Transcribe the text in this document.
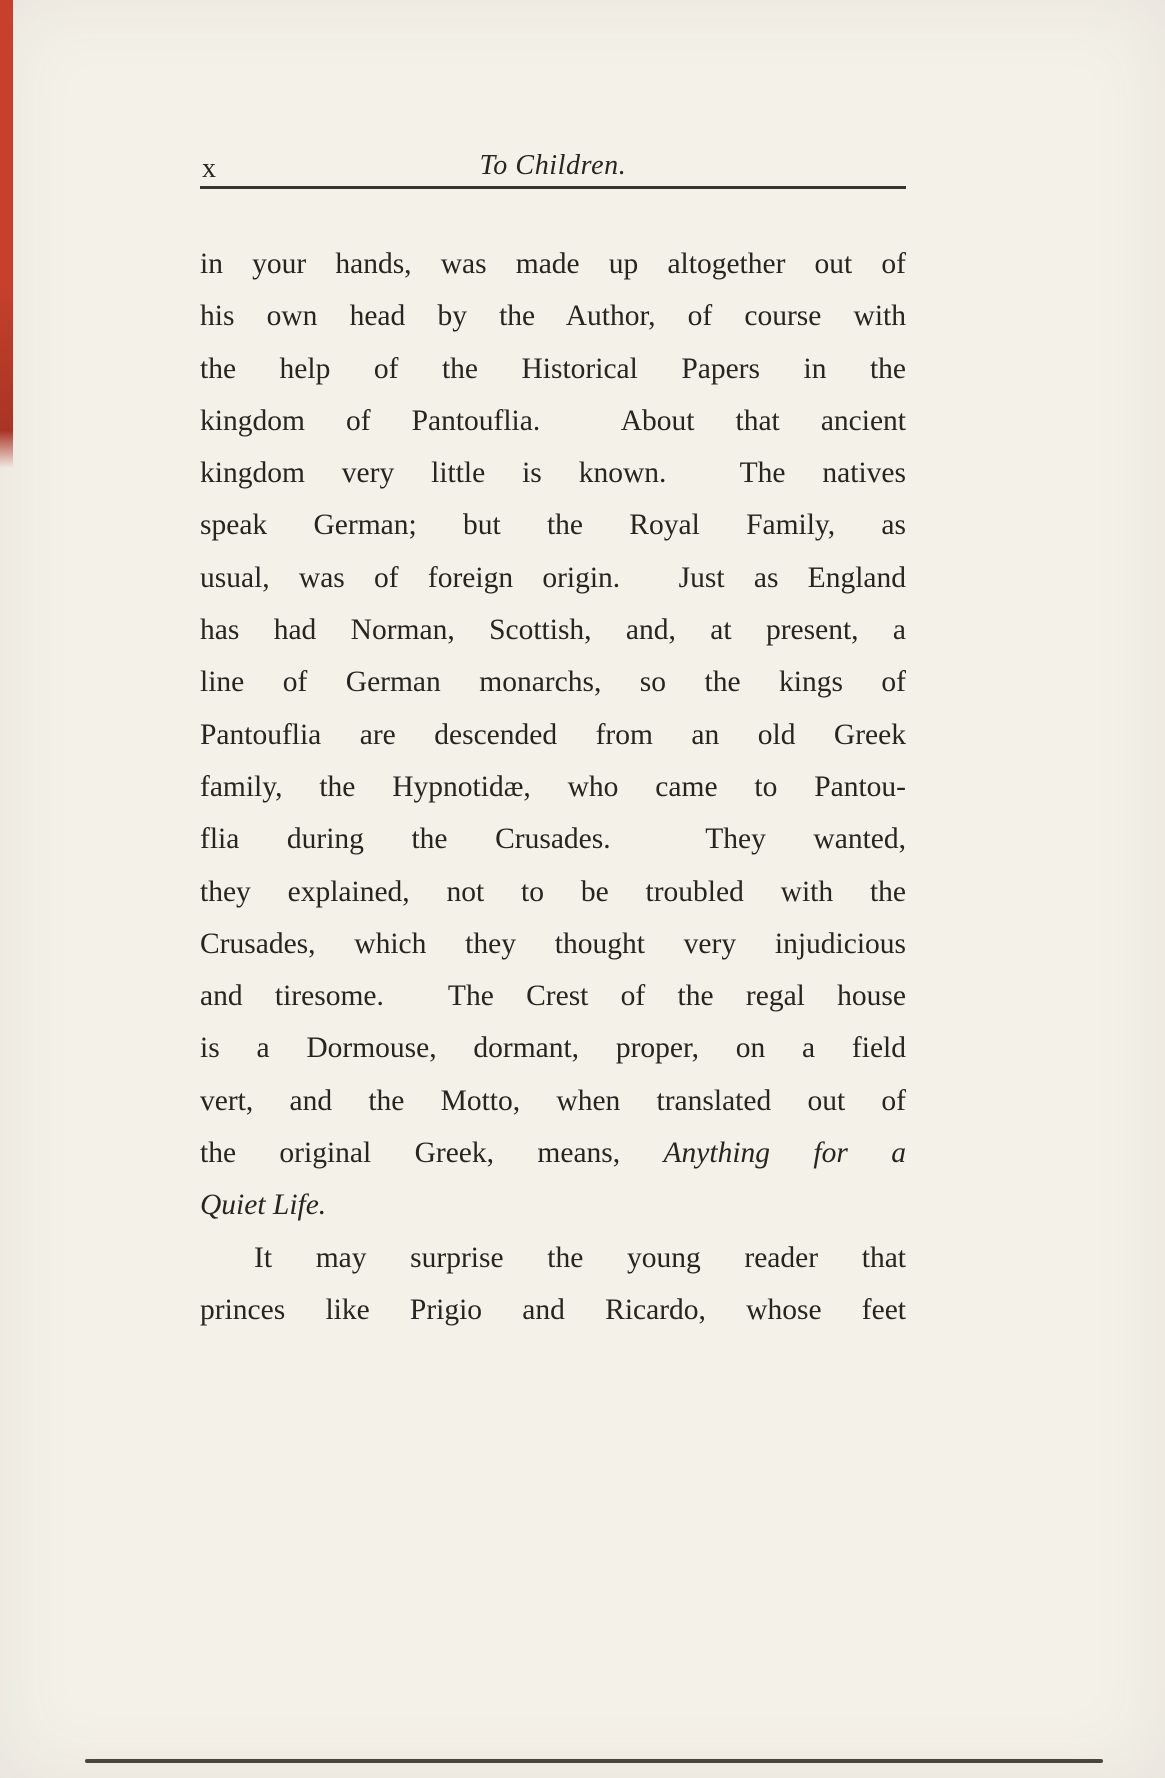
x	To Children.
in your hands, was made up altogether out of
his own head by the Author, of course with
the help of the Historical Papers in the
kingdom of Pantouflia.  About that ancient
kingdom very little is known.  The natives
speak German; but the Royal Family, as
usual, was of foreign origin.  Just as England
has had Norman, Scottish, and, at present, a
line of German monarchs, so the kings of
Pantouflia are descended from an old Greek
family, the Hypnotidæ, who came to Pantou-
flia during the Crusades.  They wanted,
they explained, not to be troubled with the
Crusades, which they thought very injudicious
and tiresome.  The Crest of the regal house
is a Dormouse, dormant, proper, on a field
vert, and the Motto, when translated out of
the original Greek, means, Anything for a
Quiet Life.
It may surprise the young reader that
princes like Prigio and Ricardo, whose feet
